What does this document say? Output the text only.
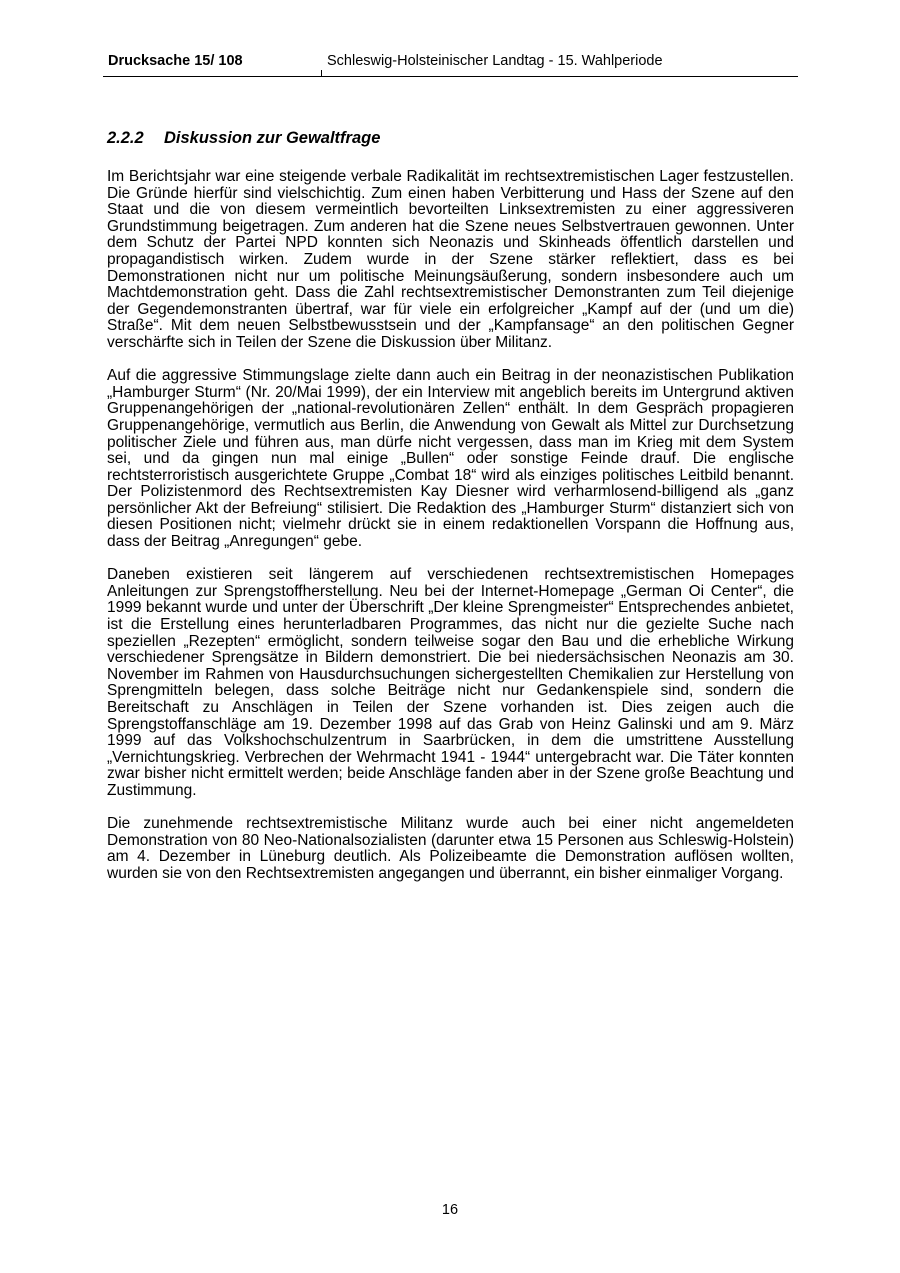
Drucksache 15/ 108	Schleswig-Holsteinischer Landtag - 15. Wahlperiode
2.2.2 Diskussion zur Gewaltfrage

Im Berichtsjahr war eine steigende verbale Radikalität im rechtsextremistischen Lager festzustellen. Die Gründe hierfür sind vielschichtig. Zum einen haben Verbitterung und Hass der Szene auf den Staat und die von diesem vermeintlich bevorteilten Linksextremisten zu einer aggressiveren Grundstimmung beigetragen. Zum anderen hat die Szene neues Selbstvertrauen gewonnen. Unter dem Schutz der Partei NPD konnten sich Neonazis und Skinheads öffentlich darstellen und propagandistisch wirken. Zudem wurde in der Szene stärker reflektiert, dass es bei Demonstrationen nicht nur um politische Meinungsäußerung, sondern insbesondere auch um Machtdemonstration geht. Dass die Zahl rechtsextremistischer Demonstranten zum Teil diejenige der Gegendemonstranten übertraf, war für viele ein erfolgreicher „Kampf auf der (und um die) Straße“. Mit dem neuen Selbstbewusstsein und der „Kampfansage“ an den politischen Gegner verschärfte sich in Teilen der Szene die Diskussion über Militanz.

Auf die aggressive Stimmungslage zielte dann auch ein Beitrag in der neonazistischen Publikation „Hamburger Sturm“ (Nr. 20/Mai 1999), der ein Interview mit angeblich bereits im Untergrund aktiven Gruppenangehörigen der „national-revolutionären Zellen“ enthält. In dem Gespräch propagieren Gruppenangehörige, vermutlich aus Berlin, die Anwendung von Gewalt als Mittel zur Durchsetzung politischer Ziele und führen aus, man dürfe nicht vergessen, dass man im Krieg mit dem System sei, und da gingen nun mal einige „Bullen“ oder sonstige Feinde drauf. Die englische rechtsterroristisch ausgerichtete Gruppe „Combat 18“ wird als einziges politisches Leitbild benannt. Der Polizistenmord des Rechtsextremisten Kay Diesner wird verharmlosend-billigend als „ganz persönlicher Akt der Befreiung“ stilisiert. Die Redaktion des „Hamburger Sturm“ distanziert sich von diesen Positionen nicht; vielmehr drückt sie in einem redaktionellen Vorspann die Hoffnung aus, dass der Beitrag „Anregungen“ gebe.

Daneben existieren seit längerem auf verschiedenen rechtsextremistischen Homepages Anleitungen zur Sprengstoffherstellung. Neu bei der Internet-Homepage „German Oi Center“, die 1999 bekannt wurde und unter der Überschrift „Der kleine Sprengmeister“ Entsprechendes anbietet, ist die Erstellung eines herunterladbaren Programmes, das nicht nur die gezielte Suche nach speziellen „Rezepten“ ermöglicht, sondern teilweise sogar den Bau und die erhebliche Wirkung verschiedener Sprengsätze in Bildern demonstriert. Die bei niedersächsischen Neonazis am 30. November im Rahmen von Hausdurchsuchungen sichergestellten Chemikalien zur Herstellung von Sprengmitteln belegen, dass solche Beiträge nicht nur Gedankenspiele sind, sondern die Bereitschaft zu Anschlägen in Teilen der Szene vorhanden ist. Dies zeigen auch die Sprengstoffanschläge am 19. Dezember 1998 auf das Grab von Heinz Galinski und am 9. März 1999 auf das Volkshochschulzentrum in Saarbrücken, in dem die umstrittene Ausstellung „Vernichtungskrieg. Verbrechen der Wehrmacht 1941 - 1944“ untergebracht war. Die Täter konnten zwar bisher nicht ermittelt werden; beide Anschläge fanden aber in der Szene große Beachtung und Zustimmung.

Die zunehmende rechtsextremistische Militanz wurde auch bei einer nicht angemeldeten Demonstration von 80 Neo-Nationalsozialisten (darunter etwa 15 Personen aus Schleswig-Holstein) am 4. Dezember in Lüneburg deutlich. Als Polizeibeamte die Demonstration auflösen wollten, wurden sie von den Rechtsextremisten angegangen und überrannt, ein bisher einmaliger Vorgang.

16
